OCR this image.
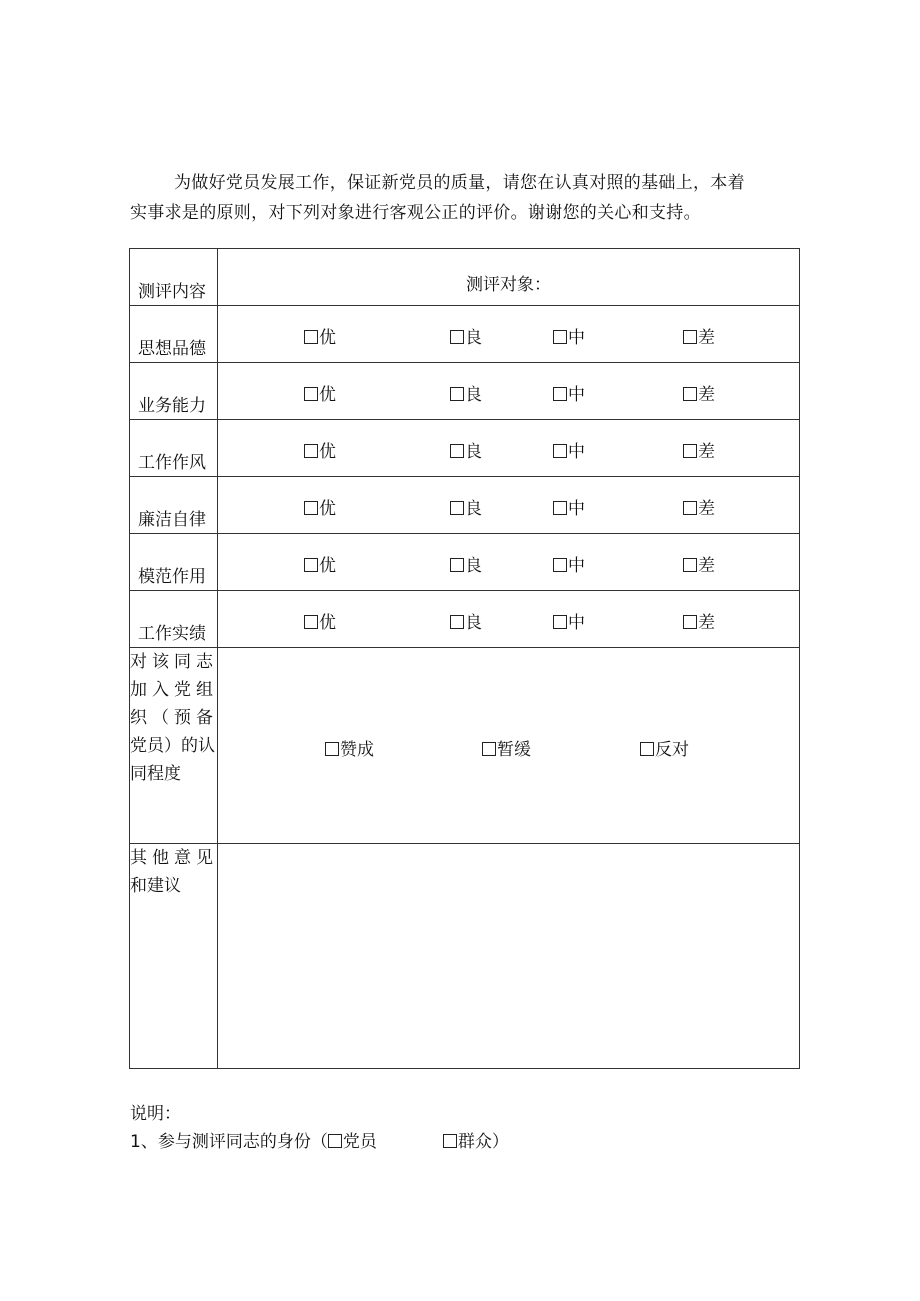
为做好党员发展工作，保证新党员的质量，请您在认真对照的基础上，本着
实事求是的原则，对下列对象进行客观公正的评价。谢谢您的关心和支持。

测评内容	测评对象：

思想品德	优 良 中 差

业务能力	优 良 中 差

工作作风	优 良 中 差

廉洁自律	优 良 中 差

模范作用	优 良 中 差

工作实绩	优 良 中 差

对该同志
加入党组
织（预备
党员）的认
同程度	赞成 暂缓 反对

其他意见
和建议	

说明：
1、参与测评同志的身份（ 党员	群众）
